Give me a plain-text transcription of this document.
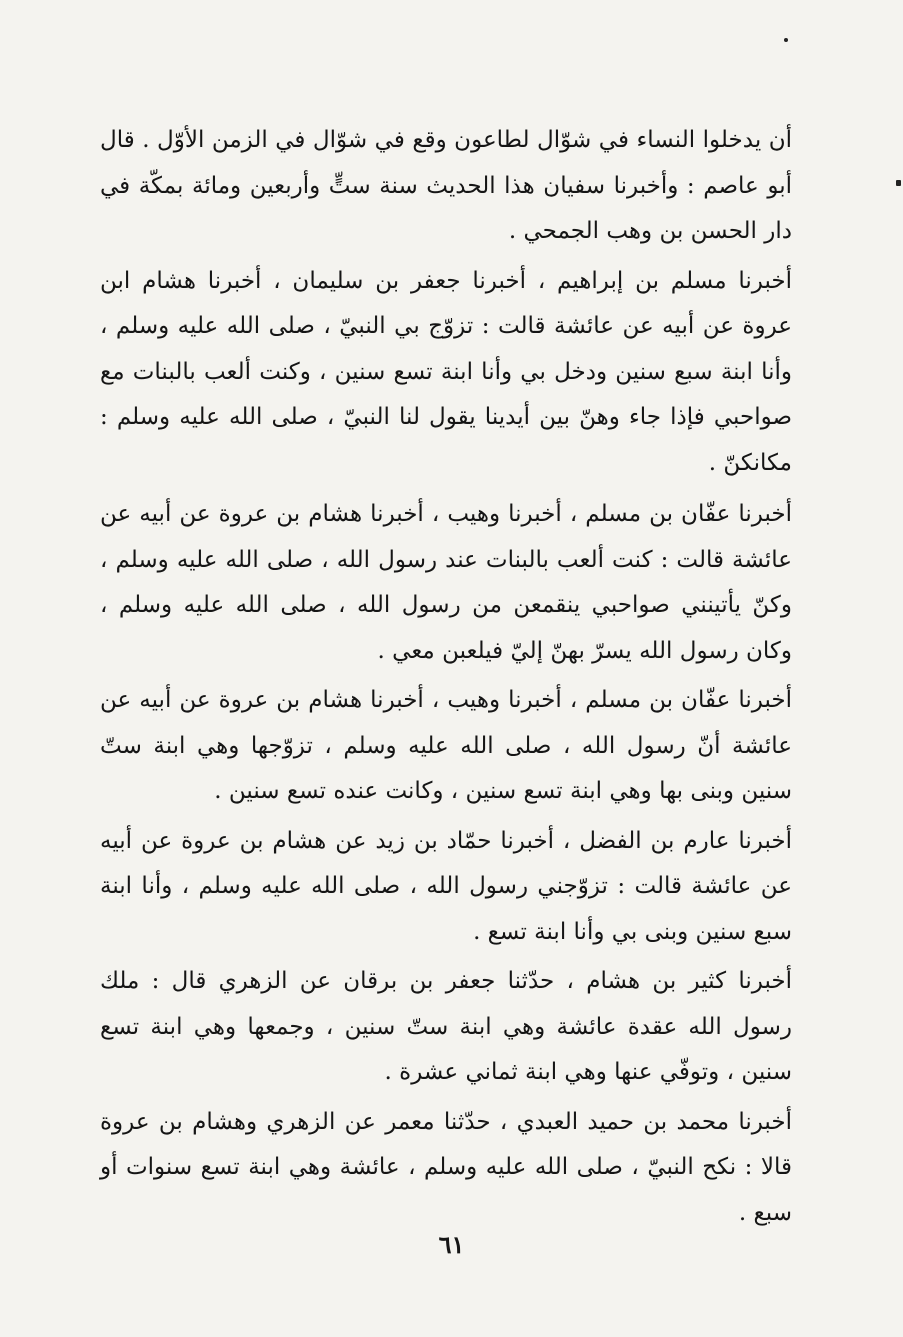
أن يدخلوا النساء في شوّال لطاعون وقع في شوّال في الزمن الأوّل . قال أبو عاصم : وأخبرنا سفيان هذا الحديث سنة ستٍّ وأربعين ومائة بمكّة في دار الحسن بن وهب الجمحي .

أخبرنا مسلم بن إبراهيم ، أخبرنا جعفر بن سليمان ، أخبرنا هشام ابن عروة عن أبيه عن عائشة قالت : تزوّج بي النبيّ ، صلى الله عليه وسلم ، وأنا ابنة سبع سنين ودخل بي وأنا ابنة تسع سنين ، وكنت ألعب بالبنات مع صواحبي فإذا جاء وهنّ بين أيدينا يقول لنا النبيّ ، صلى الله عليه وسلم : مكانكنّ .

أخبرنا عفّان بن مسلم ، أخبرنا وهيب ، أخبرنا هشام بن عروة عن أبيه عن عائشة قالت : كنت ألعب بالبنات عند رسول الله ، صلى الله عليه وسلم ، وكنّ يأتينني صواحبي ينقمعن من رسول الله ، صلى الله عليه وسلم ، وكان رسول الله يسرّ بهنّ إليّ فيلعبن معي .

أخبرنا عفّان بن مسلم ، أخبرنا وهيب ، أخبرنا هشام بن عروة عن أبيه عن عائشة أنّ رسول الله ، صلى الله عليه وسلم ، تزوّجها وهي ابنة ستّ سنين وبنى بها وهي ابنة تسع سنين ، وكانت عنده تسع سنين .

أخبرنا عارم بن الفضل ، أخبرنا حمّاد بن زيد عن هشام بن عروة عن أبيه عن عائشة قالت : تزوّجني رسول الله ، صلى الله عليه وسلم ، وأنا ابنة سبع سنين وبنى بي وأنا ابنة تسع .

أخبرنا كثير بن هشام ، حدّثنا جعفر بن برقان عن الزهري قال : ملك رسول الله عقدة عائشة وهي ابنة ستّ سنين ، وجمعها وهي ابنة تسع سنين ، وتوفّي عنها وهي ابنة ثماني عشرة .

أخبرنا محمد بن حميد العبدي ، حدّثنا معمر عن الزهري وهشام بن عروة قالا : نكح النبيّ ، صلى الله عليه وسلم ، عائشة وهي ابنة تسع سنوات أو سبع .

٦١
